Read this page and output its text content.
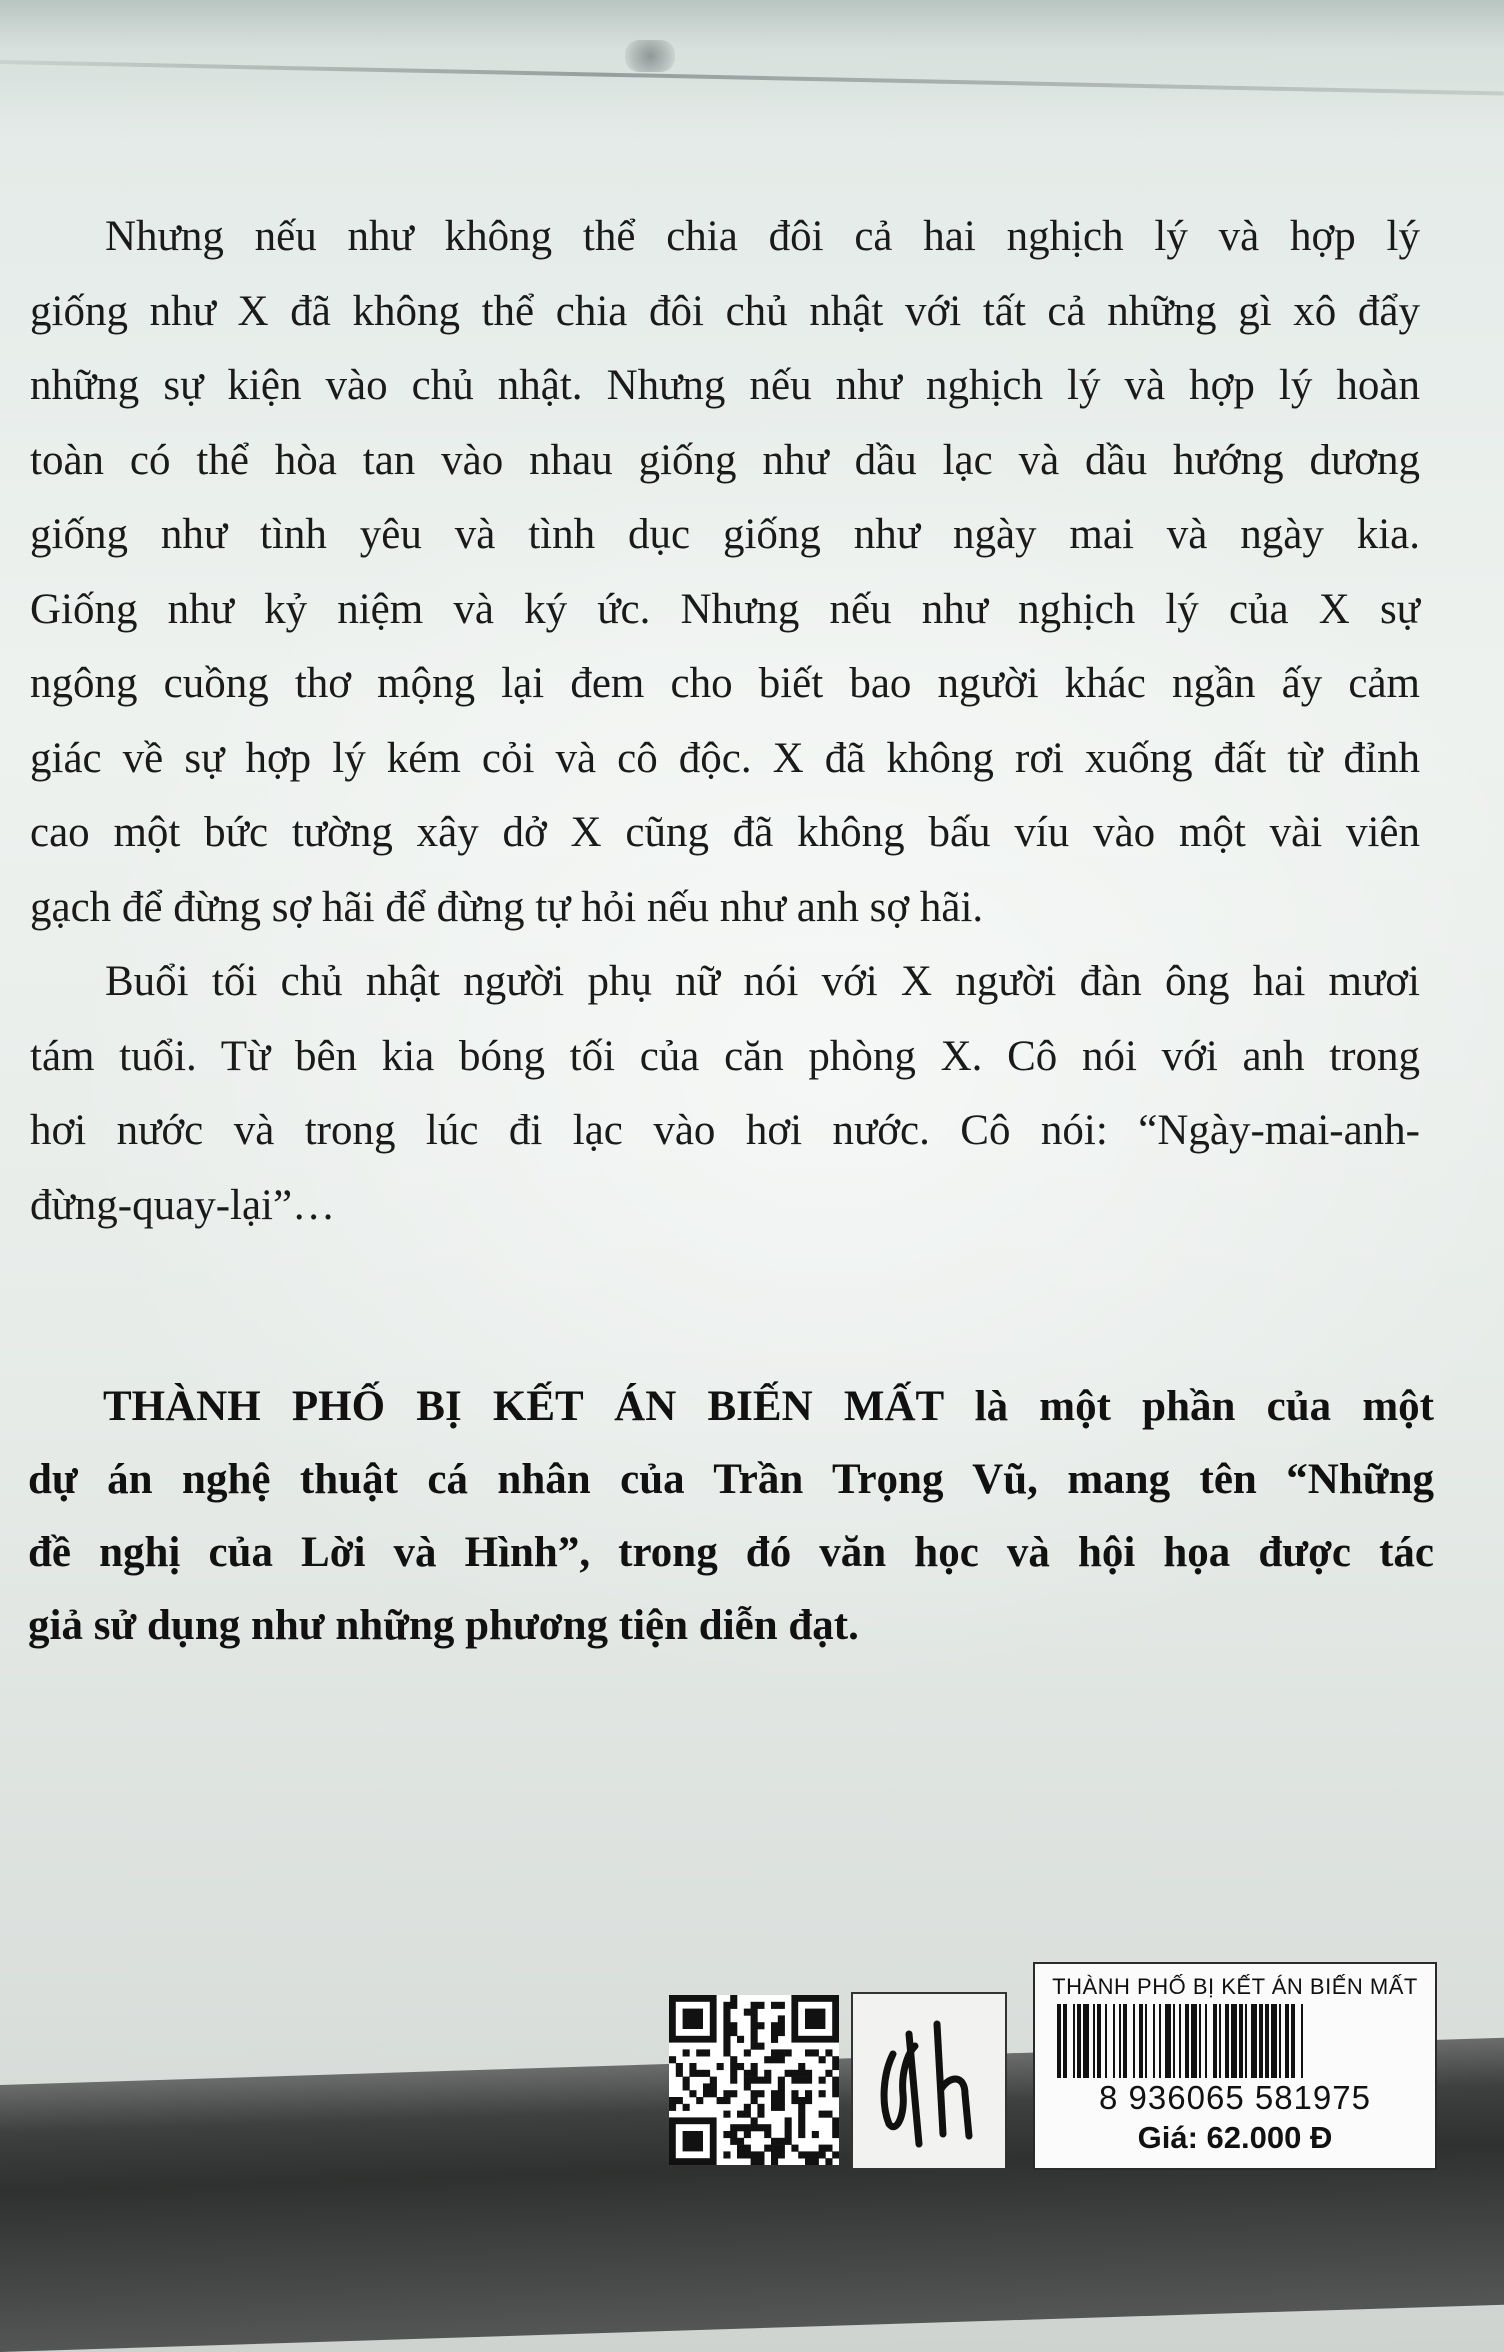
Nhưng nếu như không thể chia đôi cả hai nghịch lý và hợp lý
giống như X đã không thể chia đôi chủ nhật với tất cả những gì xô đẩy
những sự kiện vào chủ nhật. Nhưng nếu như nghịch lý và hợp lý hoàn
toàn có thể hòa tan vào nhau giống như dầu lạc và dầu hướng dương
giống như tình yêu và tình dục giống như ngày mai và ngày kia.
Giống như kỷ niệm và ký ức. Nhưng nếu như nghịch lý của X sự
ngông cuồng thơ mộng lại đem cho biết bao người khác ngần ấy cảm
giác về sự hợp lý kém cỏi và cô độc. X đã không rơi xuống đất từ đỉnh
cao một bức tường xây dở X cũng đã không bấu víu vào một vài viên
gạch để đừng sợ hãi để đừng tự hỏi nếu như anh sợ hãi.
Buổi tối chủ nhật người phụ nữ nói với X người đàn ông hai mươi
tám tuổi. Từ bên kia bóng tối của căn phòng X. Cô nói với anh trong
hơi nước và trong lúc đi lạc vào hơi nước. Cô nói: “Ngày-mai-anh-
đừng-quay-lại”…
THÀNH PHỐ BỊ KẾT ÁN BIẾN MẤT là một phần của một
dự án nghệ thuật cá nhân của Trần Trọng Vũ, mang tên “Những
đề nghị của Lời và Hình”, trong đó văn học và hội họa được tác
giả sử dụng như những phương tiện diễn đạt.
THÀNH PHỐ BỊ KẾT ÁN BIẾN MẤT
8 936065 581975
Giá: 62.000 Đ
